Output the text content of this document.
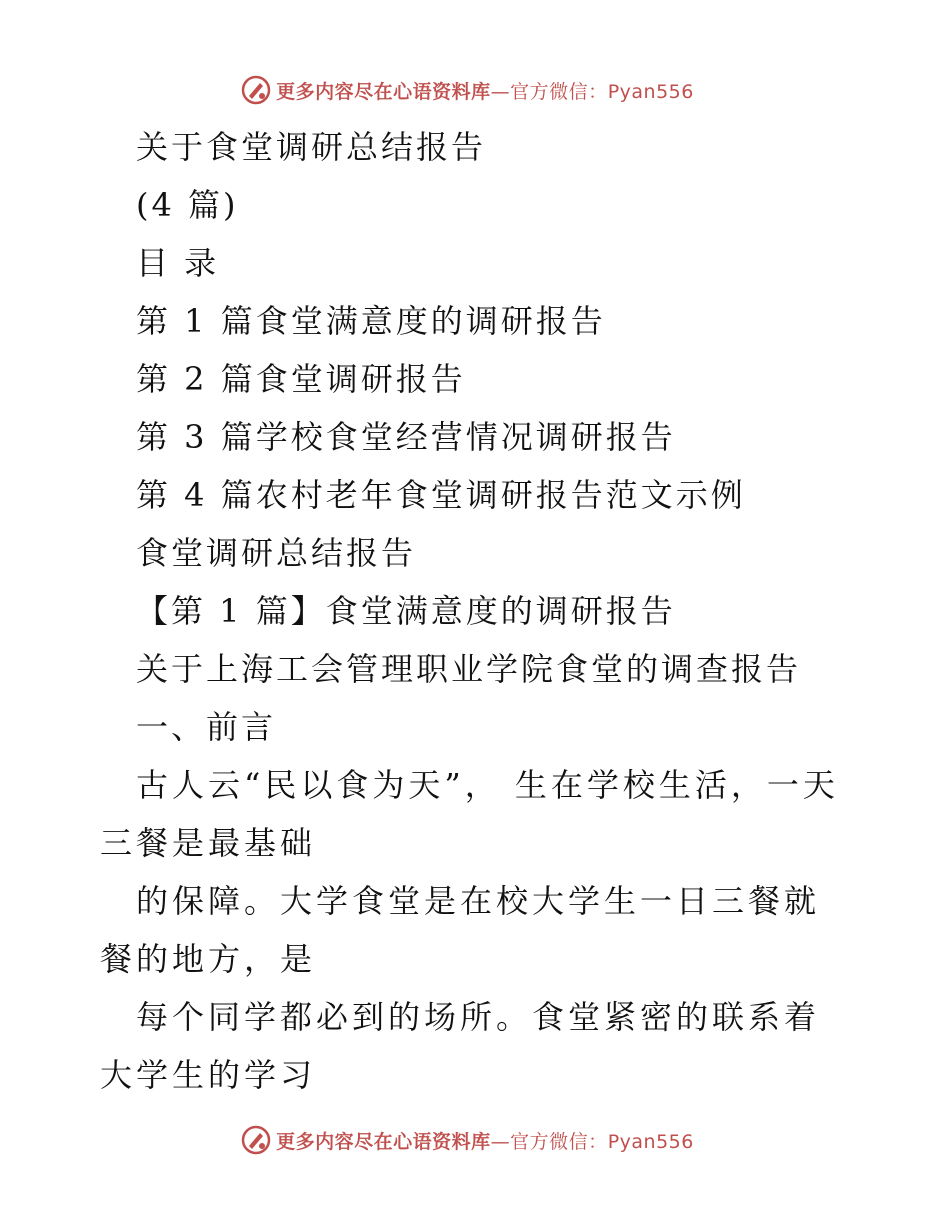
更多内容尽在心语资料库—官方微信：Pyan556
关于食堂调研总结报告
(4 篇)
目 录
第 1 篇食堂满意度的调研报告
第 2 篇食堂调研报告
第 3 篇学校食堂经营情况调研报告
第 4 篇农村老年食堂调研报告范文示例
食堂调研总结报告
【第 1 篇】食堂满意度的调研报告
关于上海工会管理职业学院食堂的调查报告
一、前言
古人云“民以食为天”， 生在学校生活，一天三餐是最基础
的保障。大学食堂是在校大学生一日三餐就餐的地方，是
每个同学都必到的场所。食堂紧密的联系着大学生的学习
更多内容尽在心语资料库—官方微信：Pyan556
